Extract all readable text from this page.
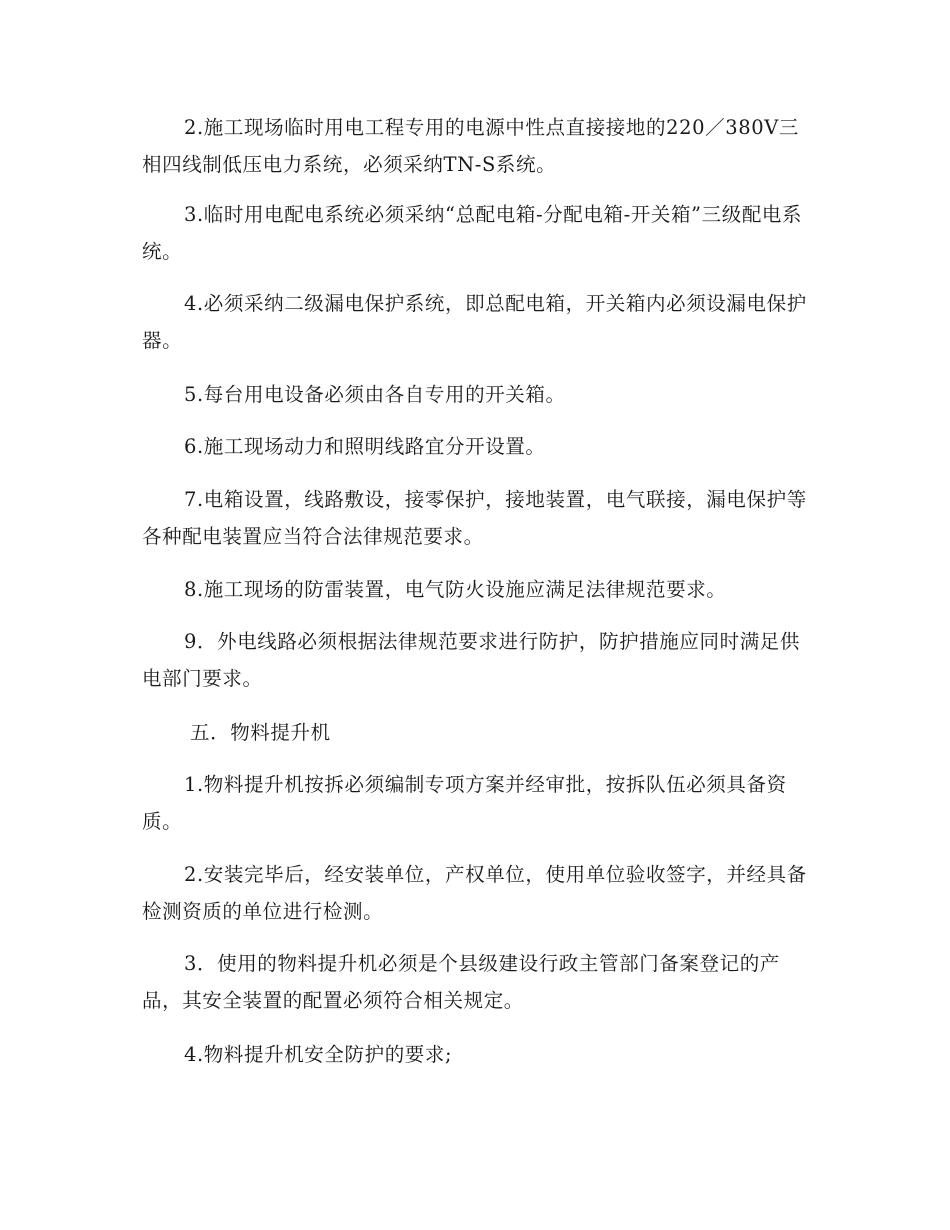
2.施工现场临时用电工程专用的电源中性点直接接地的220／380V三相四线制低压电力系统，必须采纳TN-S系统。

3.临时用电配电系统必须采纳“总配电箱-分配电箱-开关箱”三级配电系统。

4.必须采纳二级漏电保护系统，即总配电箱，开关箱内必须设漏电保护器。

5.每台用电设备必须由各自专用的开关箱。

6.施工现场动力和照明线路宜分开设置。

7.电箱设置，线路敷设，接零保护，接地装置，电气联接，漏电保护等各种配电装置应当符合法律规范要求。

8.施工现场的防雷装置，电气防火设施应满足法律规范要求。

9．外电线路必须根据法律规范要求进行防护，防护措施应同时满足供电部门要求。

五．物料提升机

1.物料提升机按拆必须编制专项方案并经审批，按拆队伍必须具备资质。

2.安装完毕后，经安装单位，产权单位，使用单位验收签字，并经具备检测资质的单位进行检测。

3．使用的物料提升机必须是个县级建设行政主管部门备案登记的产品，其安全装置的配置必须符合相关规定。

4.物料提升机安全防护的要求;
